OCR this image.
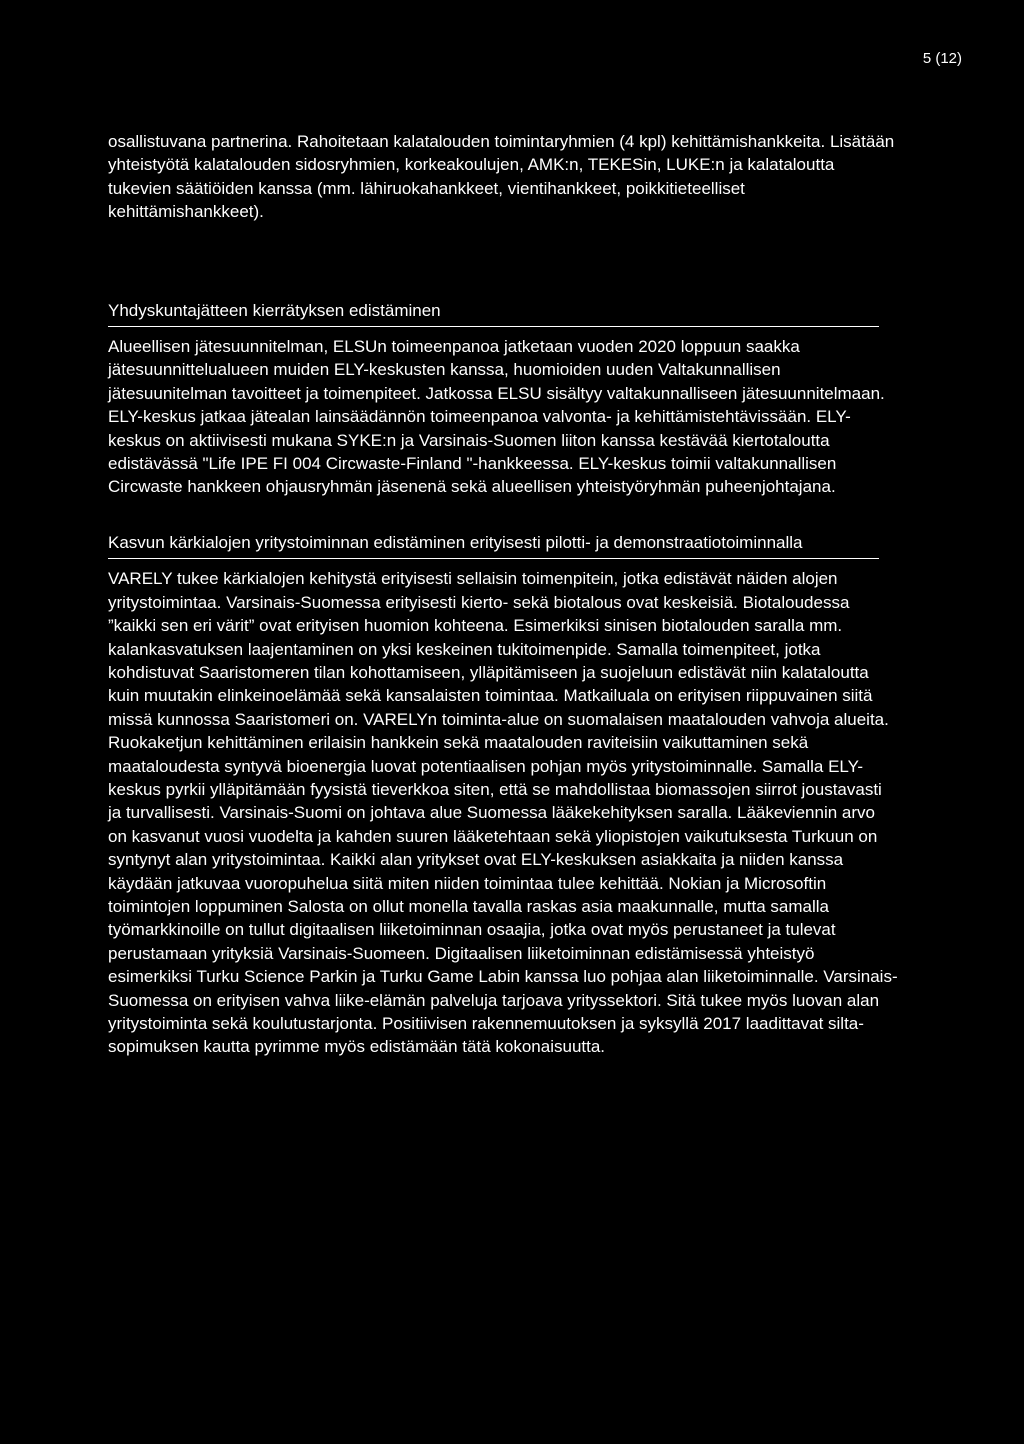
5 (12)

osallistuvana partnerina. Rahoitetaan kalatalouden toimintaryhmien (4 kpl) kehittämishankkeita. Lisätään yhteistyötä kalatalouden sidosryhmien, korkeakoulujen, AMK:n, TEKESin, LUKE:n ja kalataloutta tukevien säätiöiden kanssa (mm. lähiruokahankkeet, vientihankkeet, poikkitieteelliset kehittämishankkeet).

Yhdyskuntajätteen kierrätyksen edistäminen

Alueellisen jätesuunnitelman, ELSUn toimeenpanoa jatketaan vuoden 2020 loppuun saakka jätesuunnittelualueen muiden ELY-keskusten kanssa, huomioiden uuden Valtakunnallisen jätesuunitelman tavoitteet ja toimenpiteet. Jatkossa ELSU sisältyy valtakunnalliseen jätesuunnitelmaan. ELY-keskus jatkaa jätealan lainsäädännön toimeenpanoa valvonta- ja kehittämistehtävissään. ELY-keskus on aktiivisesti mukana SYKE:n ja Varsinais-Suomen liiton kanssa kestävää kiertotaloutta edistävässä "Life IPE FI 004 Circwaste-Finland "-hankkeessa. ELY-keskus toimii valtakunnallisen Circwaste hankkeen ohjausryhmän jäsenenä sekä alueellisen yhteistyöryhmän puheenjohtajana.

Kasvun kärkialojen yritystoiminnan edistäminen erityisesti pilotti- ja demonstraatiotoiminnalla

VARELY tukee kärkialojen kehitystä erityisesti sellaisin toimenpitein, jotka edistävät näiden alojen yritystoimintaa. Varsinais-Suomessa erityisesti kierto- sekä biotalous ovat keskeisiä. Biotaloudessa ”kaikki sen eri värit” ovat erityisen huomion kohteena. Esimerkiksi sinisen biotalouden saralla mm. kalankasvatuksen laajentaminen on yksi keskeinen tukitoimenpide. Samalla toimenpiteet, jotka kohdistuvat Saaristomeren tilan kohottamiseen, ylläpitämiseen ja suojeluun edistävät niin kalataloutta kuin muutakin elinkeinoelämää sekä kansalaisten toimintaa. Matkailuala on erityisen riippuvainen siitä missä kunnossa Saaristomeri on. VARELYn toiminta-alue on suomalaisen maatalouden vahvoja alueita. Ruokaketjun kehittäminen erilaisin hankkein sekä maatalouden raviteisiin vaikuttaminen sekä maataloudesta syntyvä bioenergia luovat potentiaalisen pohjan myös yritystoiminnalle. Samalla ELY-keskus pyrkii ylläpitämään fyysistä tieverkkoa siten, että se mahdollistaa biomassojen siirrot joustavasti ja turvallisesti. Varsinais-Suomi on johtava alue Suomessa lääkekehityksen saralla. Lääkeviennin arvo on kasvanut vuosi vuodelta ja kahden suuren lääketehtaan sekä yliopistojen vaikutuksesta Turkuun on syntynyt alan yritystoimintaa. Kaikki alan yritykset ovat ELY-keskuksen asiakkaita ja niiden kanssa käydään jatkuvaa vuoropuhelua siitä miten niiden toimintaa tulee kehittää. Nokian ja Microsoftin toimintojen loppuminen Salosta on ollut monella tavalla raskas asia maakunnalle, mutta samalla työmarkkinoille on tullut digitaalisen liiketoiminnan osaajia, jotka ovat myös perustaneet ja tulevat perustamaan yrityksiä Varsinais-Suomeen. Digitaalisen liiketoiminnan edistämisessä yhteistyö esimerkiksi Turku Science Parkin ja Turku Game Labin kanssa luo pohjaa alan liiketoiminnalle. Varsinais-Suomessa on erityisen vahva liike-elämän palveluja tarjoava yrityssektori. Sitä tukee myös luovan alan yritystoiminta sekä koulutustarjonta. Positiivisen rakennemuutoksen ja syksyllä 2017 laadittavat silta-sopimuksen kautta pyrimme myös edistämään tätä kokonaisuutta.
